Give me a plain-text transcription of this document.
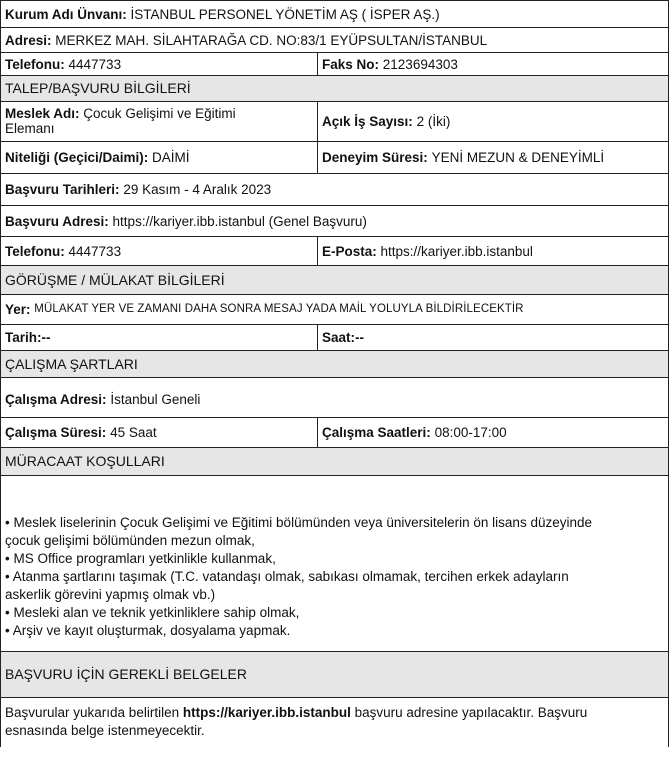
Kurum Adı Ünvanı:
İSTANBUL PERSONEL YÖNETİM AŞ ( İSPER AŞ.)
Adresi:
MERKEZ MAH. SİLAHTARAĞA CD. NO:83/1 EYÜPSULTAN/İSTANBUL
Telefonu:
4447733	Faks No:
2123694303
TALEP/BAŞVURU BİLGİLERİ
Meslek Adı: Çocuk Gelişimi ve Eğitimi
Elemanı	Açık İş Sayısı:
2 (İki)
Niteliği (Geçici/Daimi):
DAİMİ	Deneyim Süresi:
YENİ MEZUN & DENEYİMLİ
Başvuru Tarihleri:
29 Kasım - 4 Aralık 2023
Başvuru Adresi:
https://kariyer.ibb.istanbul (Genel Başvuru)
Telefonu:
4447733	E-Posta:
https://kariyer.ibb.istanbul
GÖRÜŞME / MÜLAKAT BİLGİLERİ
Yer:
MÜLAKAT YER VE ZAMANI DAHA SONRA MESAJ YADA MAİL YOLUYLA BİLDİRİLECEKTİR
Tarih:--	Saat:--
ÇALIŞMA ŞARTLARI
Çalışma Adresi:
İstanbul Geneli
Çalışma Süresi:
45 Saat	Çalışma Saatleri:
08:00-17:00
MÜRACAAT KOŞULLARI
• Meslek liselerinin Çocuk Gelişimi ve Eğitimi bölümünden veya üniversitelerin ön lisans düzeyinde
çocuk gelişimi bölümünden mezun olmak,
• MS Office programları yetkinlikle kullanmak,
• Atanma şartlarını taşımak (T.C. vatandaşı olmak, sabıkası olmamak, tercihen erkek adayların
askerlik görevini yapmış olmak vb.)
• Mesleki alan ve teknik yetkinliklere sahip olmak,
• Arşiv ve kayıt oluşturmak, dosyalama yapmak.
BAŞVURU İÇİN GEREKLİ BELGELER
Başvurular yukarıda belirtilen https://kariyer.ibb.istanbul başvuru adresine yapılacaktır. Başvuru
esnasında belge istenmeyecektir.
